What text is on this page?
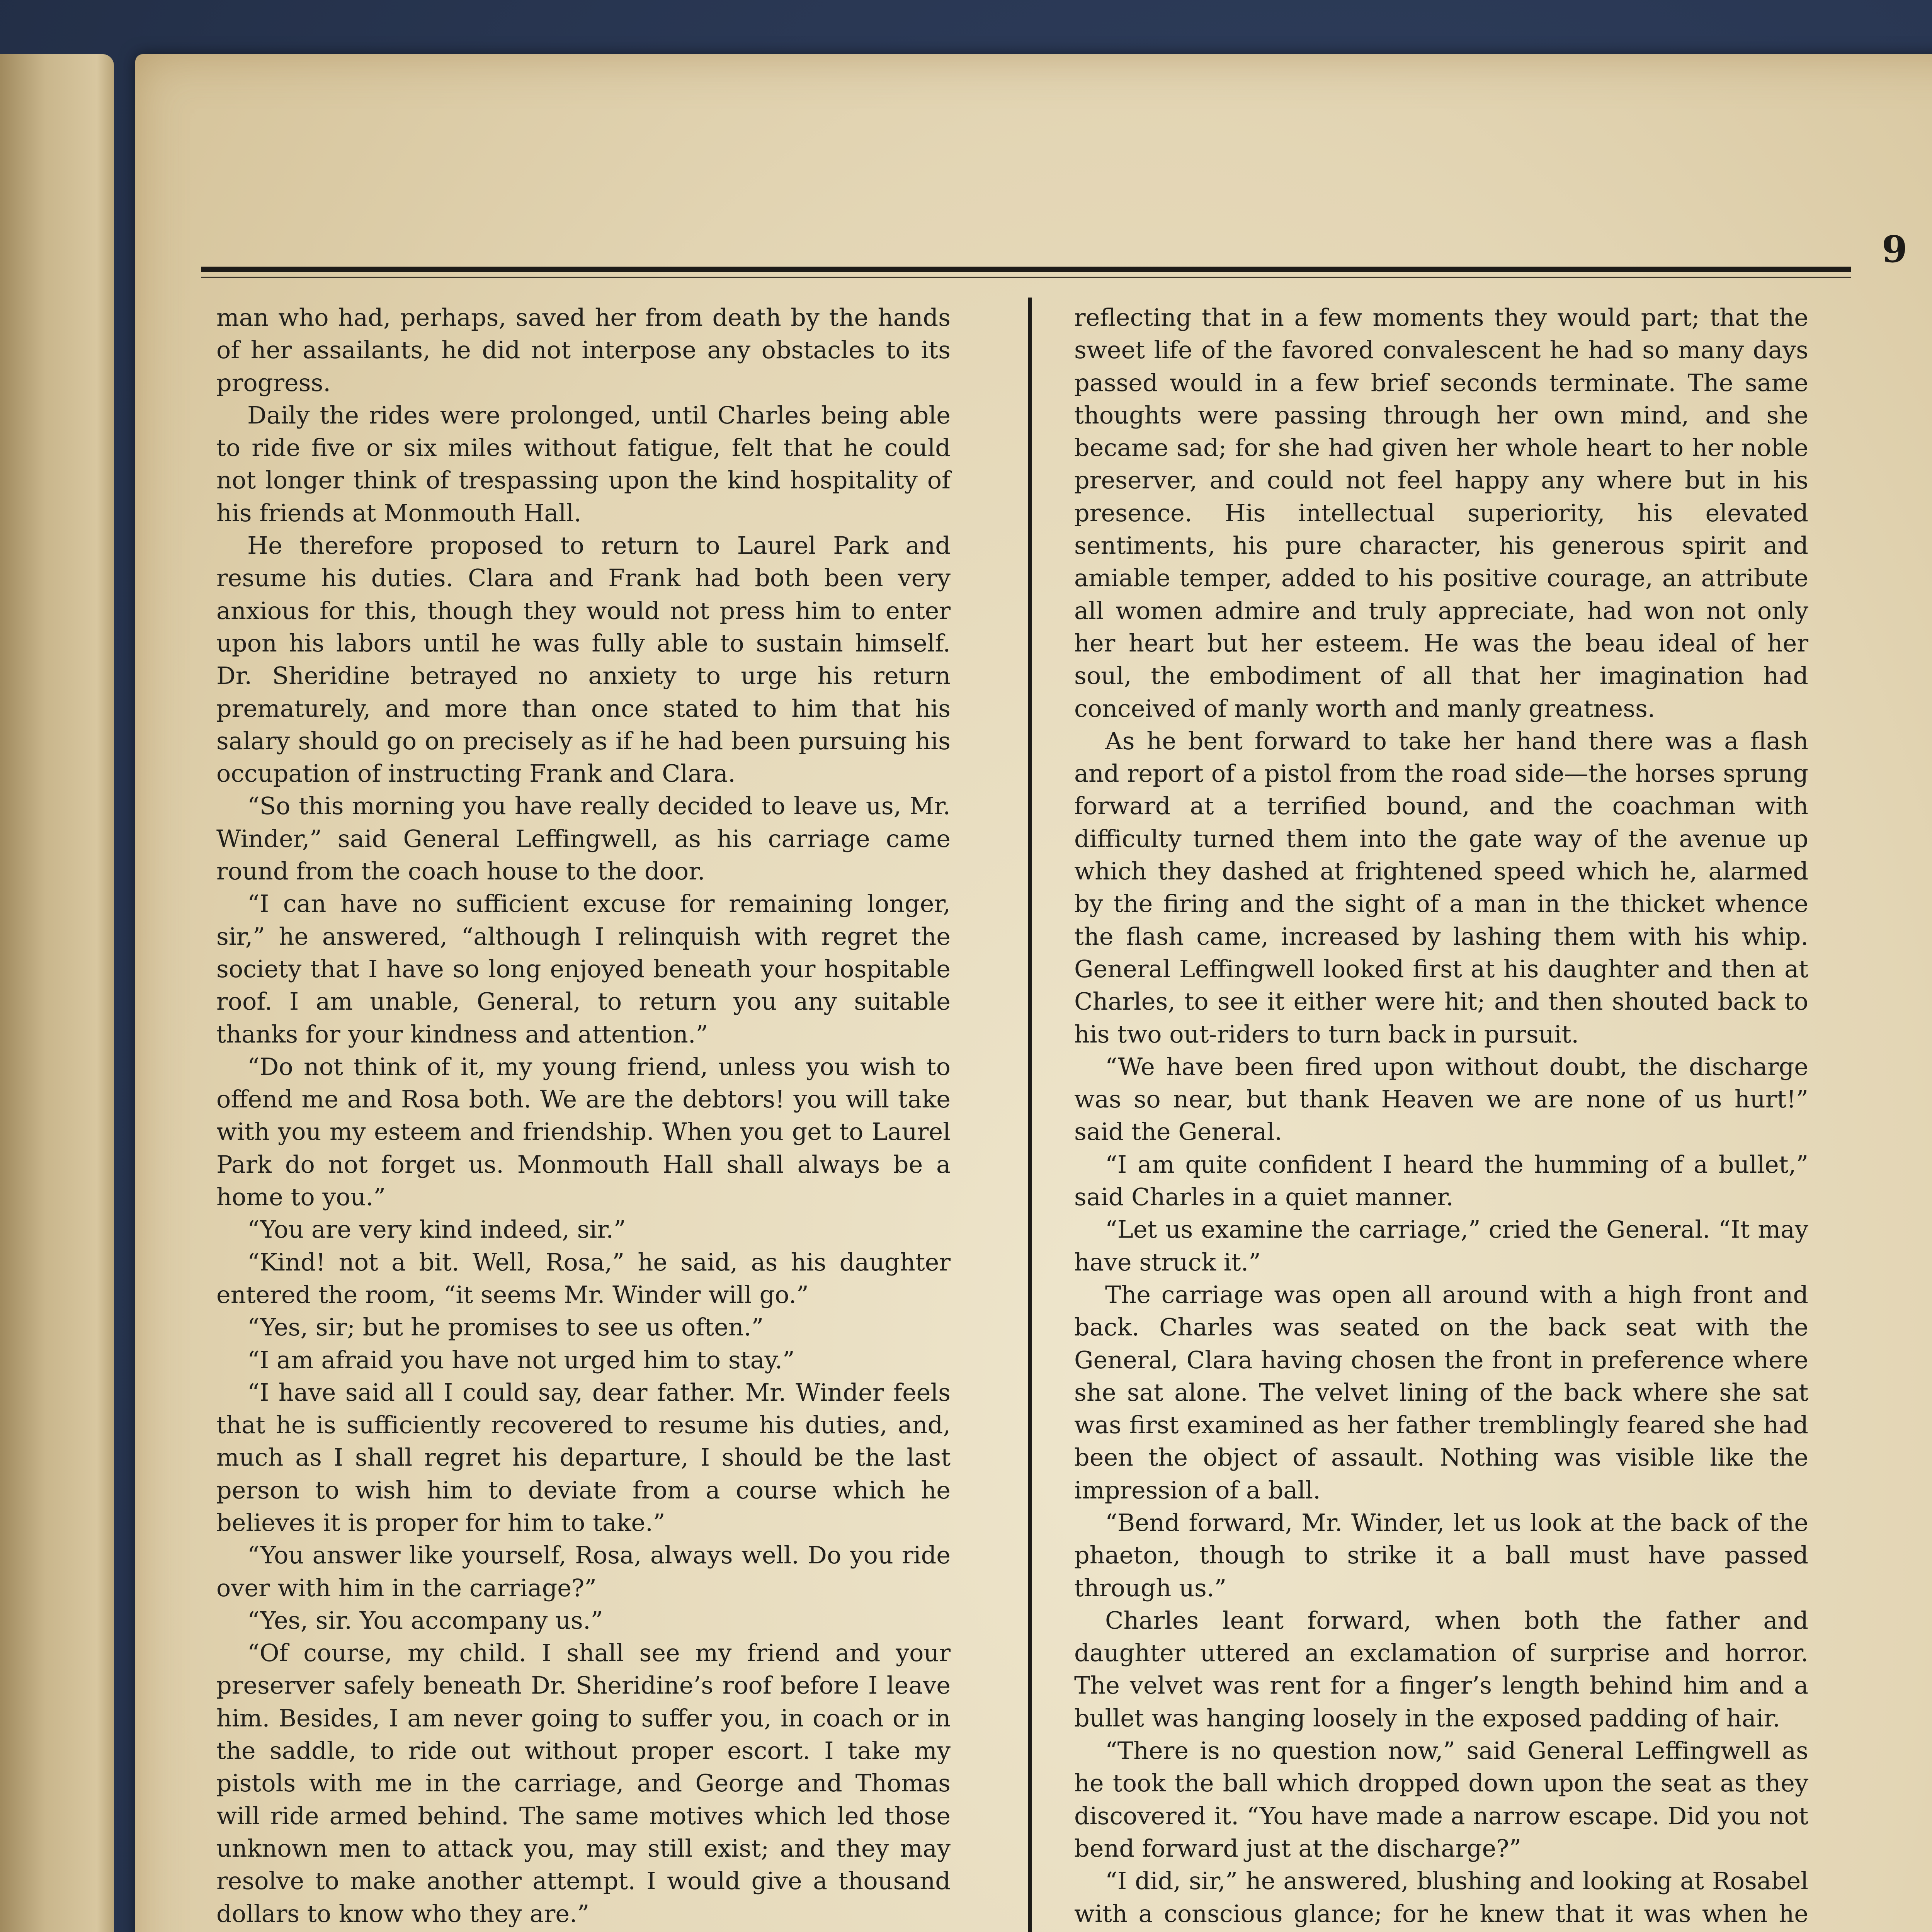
9

man who had, perhaps, saved her from death by the hands of her assailants, he did not interpose any obstacles to its progress.

Daily the rides were prolonged, until Charles being able to ride five or six miles without fatigue, felt that he could not longer think of trespassing upon the kind hospitality of his friends at Monmouth Hall.

He therefore proposed to return to Laurel Park and resume his duties. Clara and Frank had both been very anxious for this, though they would not press him to enter upon his labors until he was fully able to sustain himself. Dr. Sheridine betrayed no anxiety to urge his return prematurely, and more than once stated to him that his salary should go on precisely as if he had been pursuing his occupation of instructing Frank and Clara.

“So this morning you have really decided to leave us, Mr. Winder,” said General Leffingwell, as his carriage came round from the coach house to the door.

“I can have no sufficient excuse for remaining longer, sir,” he answered, “although I relinquish with regret the society that I have so long enjoyed beneath your hospitable roof. I am unable, General, to return you any suitable thanks for your kindness and attention.”

“Do not think of it, my young friend, unless you wish to offend me and Rosa both. We are the debtors! you will take with you my esteem and friendship. When you get to Laurel Park do not forget us. Monmouth Hall shall always be a home to you.”

“You are very kind indeed, sir.”

“Kind! not a bit. Well, Rosa,” he said, as his daughter entered the room, “it seems Mr. Winder will go.”

“Yes, sir; but he promises to see us often.”

“I am afraid you have not urged him to stay.”

“I have said all I could say, dear father. Mr. Winder feels that he is sufficiently recovered to resume his duties, and, much as I shall regret his departure, I should be the last person to wish him to deviate from a course which he believes it is proper for him to take.”

“You answer like yourself, Rosa, always well. Do you ride over with him in the carriage?”

“Yes, sir. You accompany us.”

“Of course, my child. I shall see my friend and your preserver safely beneath Dr. Sheridine’s roof before I leave him. Besides, I am never going to suffer you, in coach or in the saddle, to ride out without proper escort. I take my pistols with me in the carriage, and George and Thomas will ride armed behind. The same motives which led those unknown men to attack you, may still exist; and they may resolve to make another attempt. I would give a thousand dollars to know who they are.”

reflecting that in a few moments they would part; that the sweet life of the favored convalescent he had so many days passed would in a few brief seconds terminate. The same thoughts were passing through her own mind, and she became sad; for she had given her whole heart to her noble preserver, and could not feel happy any where but in his presence. His intellectual superiority, his elevated sentiments, his pure character, his generous spirit and amiable temper, added to his positive courage, an attribute all women admire and truly appreciate, had won not only her heart but her esteem. He was the beau ideal of her soul, the embodiment of all that her imagination had conceived of manly worth and manly greatness.

As he bent forward to take her hand there was a flash and report of a pistol from the road side—the horses sprung forward at a terrified bound, and the coachman with difficulty turned them into the gate way of the avenue up which they dashed at frightened speed which he, alarmed by the firing and the sight of a man in the thicket whence the flash came, increased by lashing them with his whip. General Leffingwell looked first at his daughter and then at Charles, to see it either were hit; and then shouted back to his two out-riders to turn back in pursuit.

“We have been fired upon without doubt, the discharge was so near, but thank Heaven we are none of us hurt!” said the General.

“I am quite confident I heard the humming of a bullet,” said Charles in a quiet manner.

“Let us examine the carriage,” cried the General. “It may have struck it.”

The carriage was open all around with a high front and back. Charles was seated on the back seat with the General, Clara having chosen the front in preference where she sat alone. The velvet lining of the back where she sat was first examined as her father tremblingly feared she had been the object of assault. Nothing was visible like the impression of a ball.

“Bend forward, Mr. Winder, let us look at the back of the phaeton, though to strike it a ball must have passed through us.”

Charles leant forward, when both the father and daughter uttered an exclamation of surprise and horror. The velvet was rent for a finger’s length behind him and a bullet was hanging loosely in the exposed padding of hair.

“There is no question now,” said General Leffingwell as he took the ball which dropped down upon the seat as they discovered it. “You have made a narrow escape. Did you not bend forward just at the discharge?”

“I did, sir,” he answered, blushing and looking at Rosabel with a conscious glance; for he knew that it was when he
